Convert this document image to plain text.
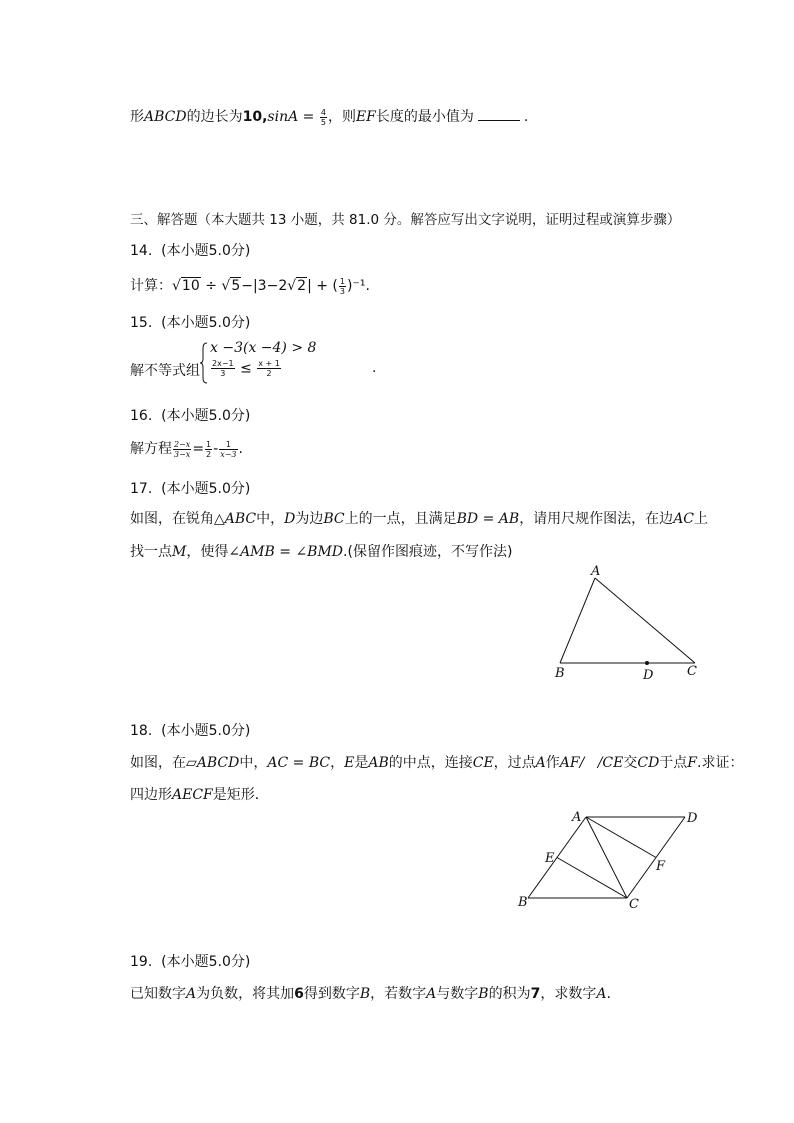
形ABCD的边长为$10,\sin A = \frac{4}{5}$ ，则EF长度的最小值为	.
三、解答题（本大题共 13 小题，共 81.0 分。解答应写出文字说明，证明过程或演算步骤）
14. (本小题5.0分)
计算：√10 ÷ √5−|3−2√2| + ( $\frac{1}{3} )^{-1}$.
15. (本小题5.0分)
解不等式组
x −3(x −4) > 8
$\frac{2x-1}{3} \le \frac{x + 1}{2}$	.
16. (本小题5.0分)
解方程 $\frac{2-x}{3-x} = \frac{1}{2} - \frac{1}{x-3}$ .
17. (本小题5.0分)
如图，在锐角△ABC中，D为边BC上的一点，且满足BD = AB，请用尺规作图法，在边AC上
找一点M，使得∠AMB = ∠BMD.(保留作图痕迹，不写作法)
A
B	D	C
18. (本小题5.0分)
如图，在▱ABCD中，AC = BC，E是AB的中点，连接CE，过点A作AF/ /CE交CD于点F.求证：
四边形AECF是矩形．
A	D
E
F
B	C
19. (本小题5.0分)
已知数字A为负数，将其加6得到数字B，若数字A与数字B的积为7，求数字A.
